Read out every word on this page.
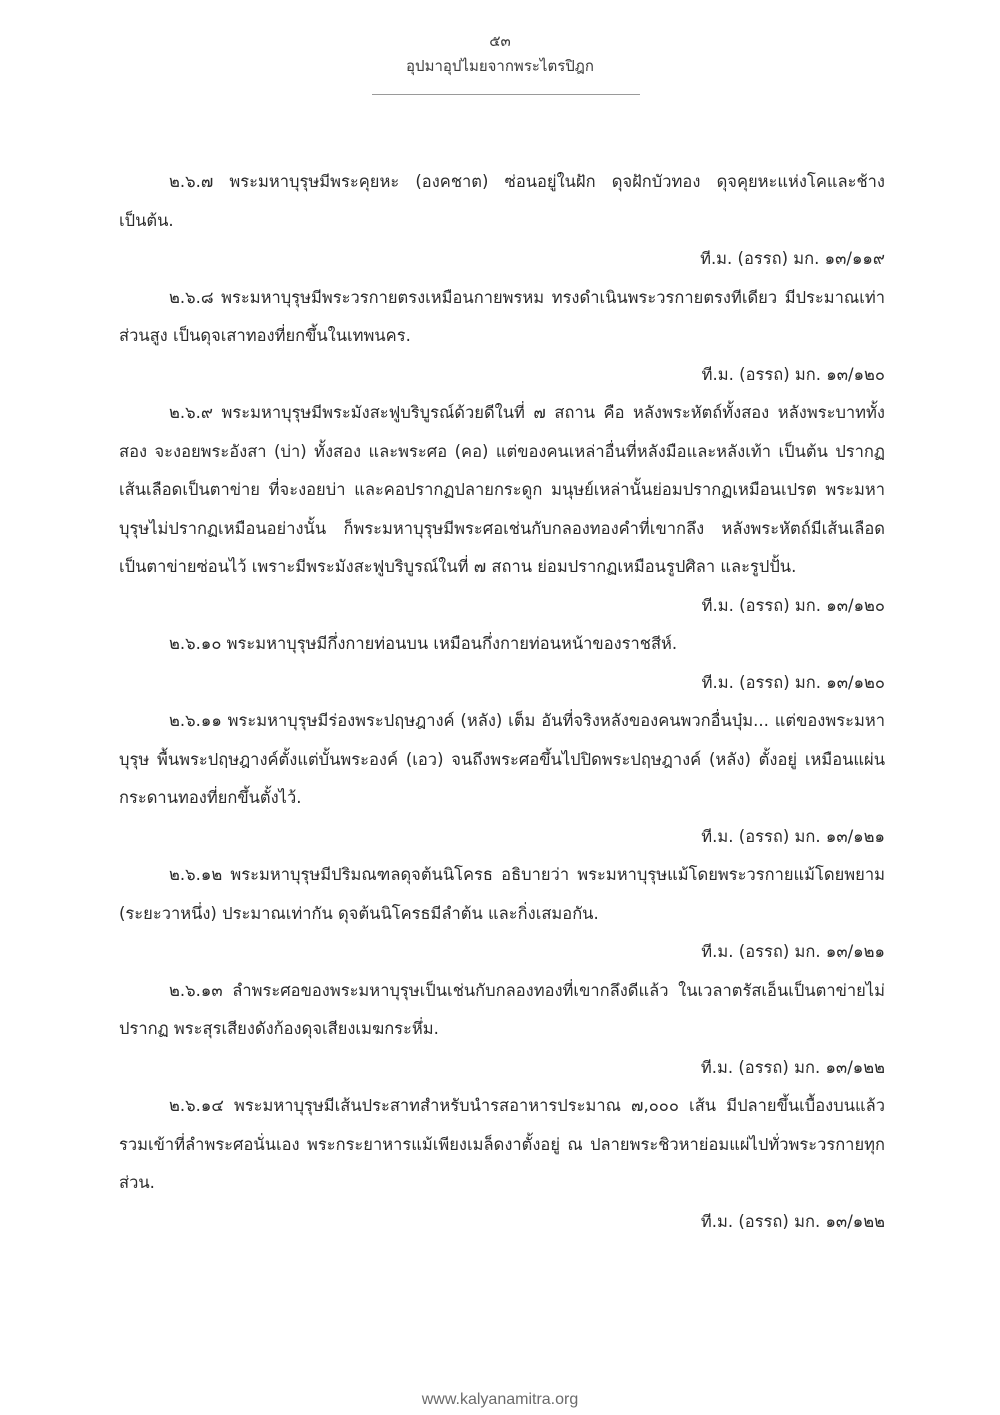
๕๓
อุปมาอุปไมยจากพระไตรปิฎก

๒.๖.๗ พระมหาบุรุษมีพระคุยหะ (องคชาต) ซ่อนอยู่ในฝัก ดุจฝักบัวทอง ดุจคุยหะแห่งโคและช้าง เป็นต้น.

ที.ม. (อรรถ) มก. ๑๓/๑๑๙

๒.๖.๘ พระมหาบุรุษมีพระวรกายตรงเหมือนกายพรหม ทรงดำเนินพระวรกายตรงทีเดียว มีประมาณเท่าส่วนสูง เป็นดุจเสาทองที่ยกขึ้นในเทพนคร.

ที.ม. (อรรถ) มก. ๑๓/๑๒๐

๒.๖.๙ พระมหาบุรุษมีพระมังสะฟูบริบูรณ์ด้วยดีในที่ ๗ สถาน คือ หลังพระหัตถ์ทั้งสอง หลังพระบาททั้งสอง จะงอยพระอังสา (บ่า) ทั้งสอง และพระศอ (คอ) แต่ของคนเหล่าอื่นที่หลังมือและหลังเท้า เป็นต้น ปรากฏเส้นเลือดเป็นตาข่าย ที่จะงอยบ่า และคอปรากฏปลายกระดูก มนุษย์เหล่านั้นย่อมปรากฏเหมือนเปรต พระมหาบุรุษไม่ปรากฏเหมือนอย่างนั้น ก็พระมหาบุรุษมีพระศอเช่นกับกลองทองคำที่เขากลึง หลังพระหัตถ์มีเส้นเลือดเป็นตาข่ายซ่อนไว้ เพราะมีพระมังสะฟูบริบูรณ์ในที่ ๗ สถาน ย่อมปรากฏเหมือนรูปศิลา และรูปปั้น.

ที.ม. (อรรถ) มก. ๑๓/๑๒๐

๒.๖.๑๐ พระมหาบุรุษมีกึ่งกายท่อนบน เหมือนกึ่งกายท่อนหน้าของราชสีห์.

ที.ม. (อรรถ) มก. ๑๓/๑๒๐

๒.๖.๑๑ พระมหาบุรุษมีร่องพระปฤษฎางค์ (หลัง) เต็ม อันที่จริงหลังของคนพวกอื่นบุ๋ม... แต่ของพระมหาบุรุษ พื้นพระปฤษฎางค์ตั้งแต่บั้นพระองค์ (เอว) จนถึงพระศอขึ้นไปปิดพระปฤษฎางค์ (หลัง) ตั้งอยู่ เหมือนแผ่นกระดานทองที่ยกขึ้นตั้งไว้.

ที.ม. (อรรถ) มก. ๑๓/๑๒๑

๒.๖.๑๒ พระมหาบุรุษมีปริมณฑลดุจต้นนิโครธ อธิบายว่า พระมหาบุรุษแม้โดยพระวรกายแม้โดยพยาม (ระยะวาหนึ่ง) ประมาณเท่ากัน ดุจต้นนิโครธมีลำต้น และกิ่งเสมอกัน.

ที.ม. (อรรถ) มก. ๑๓/๑๒๑

๒.๖.๑๓ ลำพระศอของพระมหาบุรุษเป็นเช่นกับกลองทองที่เขากลึงดีแล้ว ในเวลาตรัสเอ็นเป็นตาข่ายไม่ปรากฏ พระสุรเสียงดังก้องดุจเสียงเมฆกระหึ่ม.

ที.ม. (อรรถ) มก. ๑๓/๑๒๒

๒.๖.๑๔ พระมหาบุรุษมีเส้นประสาทสำหรับนำรสอาหารประมาณ ๗,๐๐๐ เส้น มีปลายขึ้นเบื้องบนแล้วรวมเข้าที่ลำพระศอนั่นเอง พระกระยาหารแม้เพียงเมล็ดงาตั้งอยู่ ณ ปลายพระชิวหาย่อมแผ่ไปทั่วพระวรกายทุกส่วน.

ที.ม. (อรรถ) มก. ๑๓/๑๒๒

www.kalyanamitra.org
